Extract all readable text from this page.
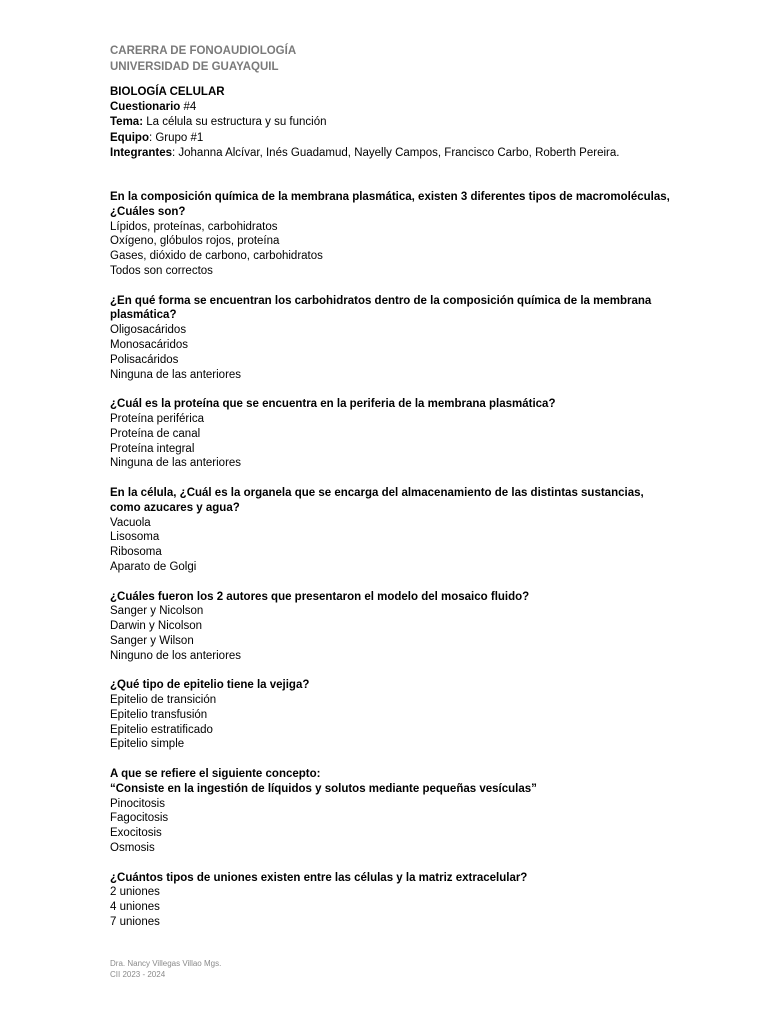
CARERRA DE FONOAUDIOLOGÍA
UNIVERSIDAD DE GUAYAQUIL
BIOLOGÍA CELULAR
Cuestionario #4
Tema: La célula su estructura y su función
Equipo: Grupo #1
Integrantes: Johanna Alcívar, Inés Guadamud, Nayelly Campos, Francisco Carbo, Roberth Pereira.
En la composición química de la membrana plasmática, existen 3 diferentes tipos de macromoléculas, ¿Cuáles son?
Lípidos, proteínas, carbohidratos
Oxígeno, glóbulos rojos, proteína
Gases, dióxido de carbono, carbohidratos
Todos son correctos
¿En qué forma se encuentran los carbohidratos dentro de la composición química de la membrana plasmática?
Oligosacáridos
Monosacáridos
Polisacáridos
Ninguna de las anteriores
¿Cuál es la proteína que se encuentra en la periferia de la membrana plasmática?
Proteína periférica
Proteína de canal
Proteína integral
Ninguna de las anteriores
En la célula, ¿Cuál es la organela que se encarga del almacenamiento de las distintas sustancias, como azucares y agua?
Vacuola
Lisosoma
Ribosoma
Aparato de Golgi
¿Cuáles fueron los 2 autores que presentaron el modelo del mosaico fluido?
Sanger y Nicolson
Darwin y Nicolson
Sanger y Wilson
Ninguno de los anteriores
¿Qué tipo de epitelio tiene la vejiga?
Epitelio de transición
Epitelio transfusión
Epitelio estratificado
Epitelio simple
A que se refiere el siguiente concepto:
“Consiste en la ingestión de líquidos y solutos mediante pequeñas vesículas”
Pinocitosis
Fagocitosis
Exocitosis
Osmosis
¿Cuántos tipos de uniones existen entre las células y la matriz extracelular?
2 uniones
4 uniones
7 uniones
Dra. Nancy Villegas Villao Mgs.
CII 2023 - 2024
